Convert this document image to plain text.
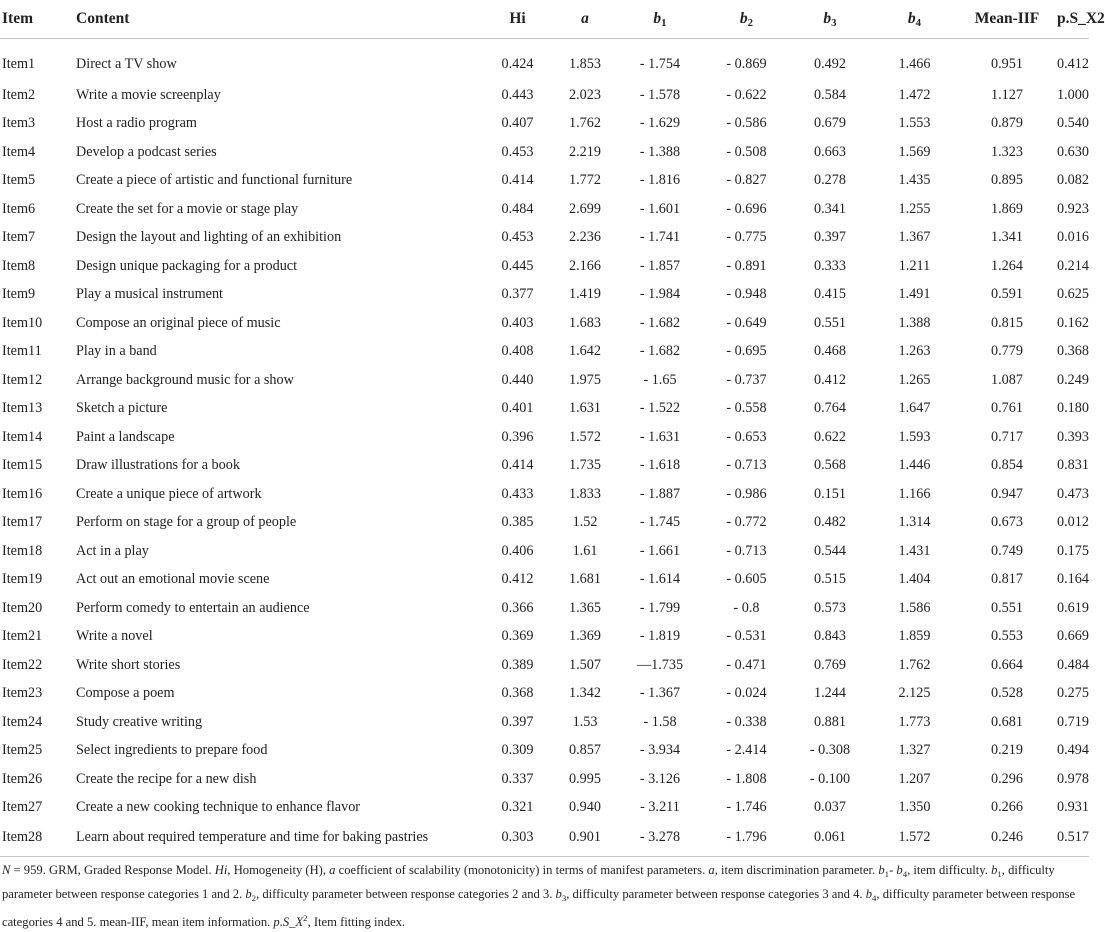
Item	Content	Hi	a	$b_1$	$b_2$	$b_3$	$b_4$	Mean-IIF	p.S_X2
Item1	Direct a TV show	0.424	1.853	- 1.754	- 0.869	0.492	1.466	0.951	0.412
Item2	Write a movie screenplay	0.443	2.023	- 1.578	- 0.622	0.584	1.472	1.127	1.000
Item3	Host a radio program	0.407	1.762	- 1.629	- 0.586	0.679	1.553	0.879	0.540
Item4	Develop a podcast series	0.453	2.219	- 1.388	- 0.508	0.663	1.569	1.323	0.630
Item5	Create a piece of artistic and functional furniture	0.414	1.772	- 1.816	- 0.827	0.278	1.435	0.895	0.082
Item6	Create the set for a movie or stage play	0.484	2.699	- 1.601	- 0.696	0.341	1.255	1.869	0.923
Item7	Design the layout and lighting of an exhibition	0.453	2.236	- 1.741	- 0.775	0.397	1.367	1.341	0.016
Item8	Design unique packaging for a product	0.445	2.166	- 1.857	- 0.891	0.333	1.211	1.264	0.214
Item9	Play a musical instrument	0.377	1.419	- 1.984	- 0.948	0.415	1.491	0.591	0.625
Item10	Compose an original piece of music	0.403	1.683	- 1.682	- 0.649	0.551	1.388	0.815	0.162
Item11	Play in a band	0.408	1.642	- 1.682	- 0.695	0.468	1.263	0.779	0.368
Item12	Arrange background music for a show	0.440	1.975	- 1.65	- 0.737	0.412	1.265	1.087	0.249
Item13	Sketch a picture	0.401	1.631	- 1.522	- 0.558	0.764	1.647	0.761	0.180
Item14	Paint a landscape	0.396	1.572	- 1.631	- 0.653	0.622	1.593	0.717	0.393
Item15	Draw illustrations for a book	0.414	1.735	- 1.618	- 0.713	0.568	1.446	0.854	0.831
Item16	Create a unique piece of artwork	0.433	1.833	- 1.887	- 0.986	0.151	1.166	0.947	0.473
Item17	Perform on stage for a group of people	0.385	1.52	- 1.745	- 0.772	0.482	1.314	0.673	0.012
Item18	Act in a play	0.406	1.61	- 1.661	- 0.713	0.544	1.431	0.749	0.175
Item19	Act out an emotional movie scene	0.412	1.681	- 1.614	- 0.605	0.515	1.404	0.817	0.164
Item20	Perform comedy to entertain an audience	0.366	1.365	- 1.799	- 0.8	0.573	1.586	0.551	0.619
Item21	Write a novel	0.369	1.369	- 1.819	- 0.531	0.843	1.859	0.553	0.669
Item22	Write short stories	0.389	1.507	—1.735	- 0.471	0.769	1.762	0.664	0.484
Item23	Compose a poem	0.368	1.342	- 1.367	- 0.024	1.244	2.125	0.528	0.275
Item24	Study creative writing	0.397	1.53	- 1.58	- 0.338	0.881	1.773	0.681	0.719
Item25	Select ingredients to prepare food	0.309	0.857	- 3.934	- 2.414	- 0.308	1.327	0.219	0.494
Item26	Create the recipe for a new dish	0.337	0.995	- 3.126	- 1.808	- 0.100	1.207	0.296	0.978
Item27	Create a new cooking technique to enhance flavor	0.321	0.940	- 3.211	- 1.746	0.037	1.350	0.266	0.931
Item28	Learn about required temperature and time for baking pastries	0.303	0.901	- 3.278	- 1.796	0.061	1.572	0.246	0.517
N = 959. GRM, Graded Response Model. Hi, Homogeneity (H), a coefficient of scalability (monotonicity) in terms of manifest parameters. a, item discrimination parameter. $b_1-$ $b_4$, item difficulty. $b_1$, difficulty parameter between response categories 1 and 2. $b_2$, difficulty parameter between response categories 2 and 3. $b_3$, difficulty parameter between response categories 3 and 4. $b_4$, difficulty parameter between response categories 4 and 5. mean-IIF, mean item information. $p.S\_X^2$, Item fitting index.
